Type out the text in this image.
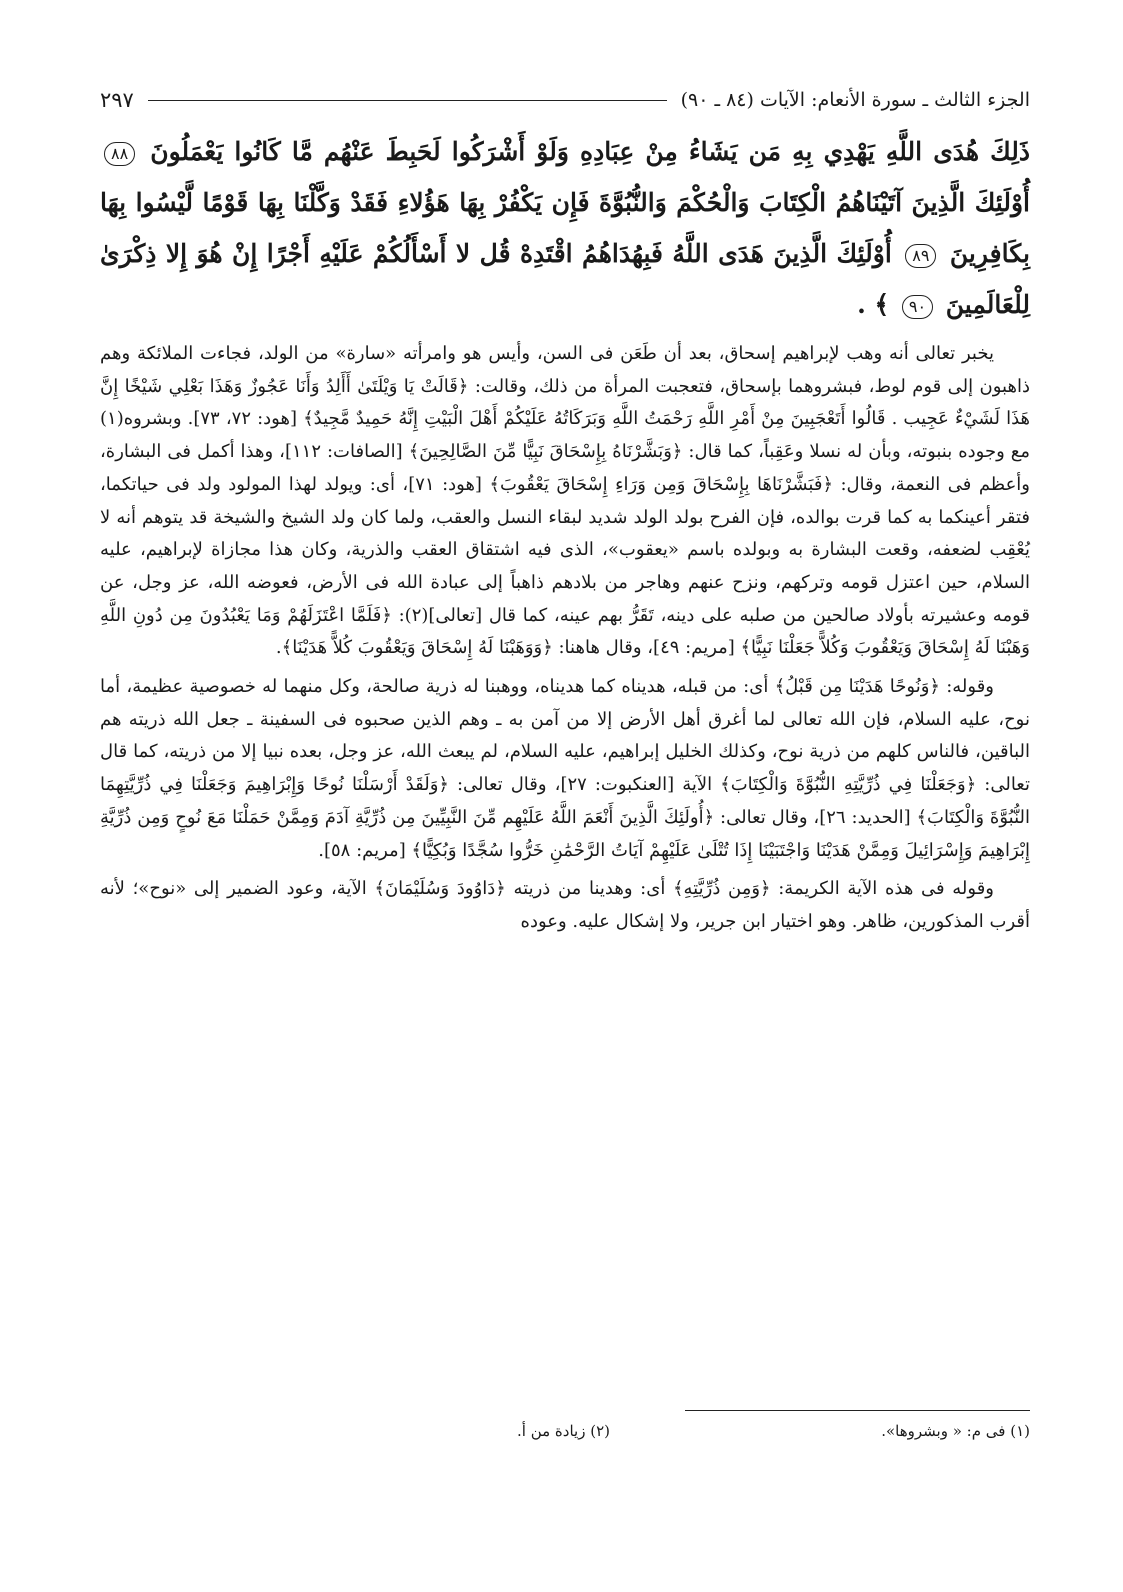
الجزء الثالث ـ سورة الأنعام: الآيات (٨٤ ـ ٩٠)
٢٩٧
ذَلِكَ هُدَى اللَّهِ يَهْدِي بِهِ مَن يَشَاءُ مِنْ عِبَادِهِ وَلَوْ أَشْرَكُوا لَحَبِطَ عَنْهُم مَّا كَانُوا يَعْمَلُونَ ٨٨ أُوْلَئِكَ الَّذِينَ آتَيْنَاهُمُ الْكِتَابَ وَالْحُكْمَ وَالنُّبُوَّةَ فَإِن يَكْفُرْ بِهَا هَؤُلاءِ فَقَدْ وَكَّلْنَا بِهَا قَوْمًا لَّيْسُوا بِهَا بِكَافِرِينَ ٨٩ أُوْلَئِكَ الَّذِينَ هَدَى اللَّهُ فَبِهُدَاهُمُ اقْتَدِهْ قُل لا أَسْأَلُكُمْ عَلَيْهِ أَجْرًا إِنْ هُوَ إِلا ذِكْرَىٰ لِلْعَالَمِينَ ٩٠ ﴾ .

يخبر تعالى أنه وهب لإبراهيم إسحاق، بعد أن طَعَن فى السن، وأيس هو وامرأته «سارة» من الولد، فجاءت الملائكة وهم ذاهبون إلى قوم لوط، فبشروهما بإسحاق، فتعجبت المرأة من ذلك، وقالت: ﴿قَالَتْ يَا وَيْلَتَىٰ أَأَلِدُ وَأَنَا عَجُوزٌ وَهَذَا بَعْلِي شَيْخًا إِنَّ هَذَا لَشَيْءٌ عَجِيب . قَالُوا أَتَعْجَبِينَ مِنْ أَمْرِ اللَّهِ رَحْمَتُ اللَّهِ وَبَرَكَاتُهُ عَلَيْكُمْ أَهْلَ الْبَيْتِ إِنَّهُ حَمِيدٌ مَّجِيدٌ﴾ [هود: ٧٢، ٧٣]. وبشروه(١) مع وجوده بنبوته، وبأن له نسلا وعَقِباً، كما قال: ﴿وَبَشَّرْنَاهُ بِإِسْحَاقَ نَبِيًّا مِّنَ الصَّالِحِينَ﴾ [الصافات: ١١٢]، وهذا أكمل فى البشارة، وأعظم فى النعمة، وقال: ﴿فَبَشَّرْنَاهَا بِإِسْحَاقَ وَمِن وَرَاءِ إِسْحَاقَ يَعْقُوبَ﴾ [هود: ٧١]، أى: ويولد لهذا المولود ولد فى حياتكما، فتقر أعينكما به كما قرت بوالده، فإن الفرح بولد الولد شديد لبقاء النسل والعقب، ولما كان ولد الشيخ والشيخة قد يتوهم أنه لا يُعْقِب لضعفه، وقعت البشارة به وبولده باسم «يعقوب»، الذى فيه اشتقاق العقب والذرية، وكان هذا مجازاة لإبراهيم، عليه السلام، حين اعتزل قومه وتركهم، ونزح عنهم وهاجر من بلادهم ذاهباً إلى عبادة الله فى الأرض، فعوضه الله، عز وجل، عن قومه وعشيرته بأولاد صالحين من صلبه على دينه، تَقَرُّ بهم عينه، كما قال [تعالى](٢): ﴿فَلَمَّا اعْتَزَلَهُمْ وَمَا يَعْبُدُونَ مِن دُونِ اللَّهِ وَهَبْنَا لَهُ إِسْحَاقَ وَيَعْقُوبَ وَكُلاًّ جَعَلْنَا نَبِيًّا﴾ [مريم: ٤٩]، وقال هاهنا: ﴿وَوَهَبْنَا لَهُ إِسْحَاقَ وَيَعْقُوبَ كُلاًّ هَدَيْنَا﴾.

وقوله: ﴿وَنُوحًا هَدَيْنَا مِن قَبْلُ﴾ أى: من قبله، هديناه كما هديناه، ووهبنا له ذرية صالحة، وكل منهما له خصوصية عظيمة، أما نوح، عليه السلام، فإن الله تعالى لما أغرق أهل الأرض إلا من آمن به ـ وهم الذين صحبوه فى السفينة ـ جعل الله ذريته هم الباقين، فالناس كلهم من ذرية نوح، وكذلك الخليل إبراهيم، عليه السلام، لم يبعث الله، عز وجل، بعده نبيا إلا من ذريته، كما قال تعالى: ﴿وَجَعَلْنَا فِي ذُرِّيَّتِهِ النُّبُوَّةَ وَالْكِتَابَ﴾ الآية [العنكبوت: ٢٧]، وقال تعالى: ﴿وَلَقَدْ أَرْسَلْنَا نُوحًا وَإِبْرَاهِيمَ وَجَعَلْنَا فِي ذُرِّيَّتِهِمَا النُّبُوَّةَ وَالْكِتَابَ﴾ [الحديد: ٢٦]، وقال تعالى: ﴿أُولَئِكَ الَّذِينَ أَنْعَمَ اللَّهُ عَلَيْهِم مِّنَ النَّبِيِّينَ مِن ذُرِّيَّةِ آدَمَ وَمِمَّنْ حَمَلْنَا مَعَ نُوحٍ وَمِن ذُرِّيَّةِ إِبْرَاهِيمَ وَإِسْرَائِيلَ وَمِمَّنْ هَدَيْنَا وَاجْتَبَيْنَا إِذَا تُتْلَىٰ عَلَيْهِمْ آيَاتُ الرَّحْمَٰنِ خَرُّوا سُجَّدًا وَبُكِيًّا﴾ [مريم: ٥٨].

وقوله فى هذه الآية الكريمة: ﴿وَمِن ذُرِّيَّتِهِ﴾ أى: وهدينا من ذريته ﴿دَاوُودَ وَسُلَيْمَانَ﴾ الآية، وعود الضمير إلى «نوح»؛ لأنه أقرب المذكورين، ظاهر. وهو اختيار ابن جرير، ولا إشكال عليه. وعوده

(١) فى م: « وبشروها».
(٢) زيادة من أ.
